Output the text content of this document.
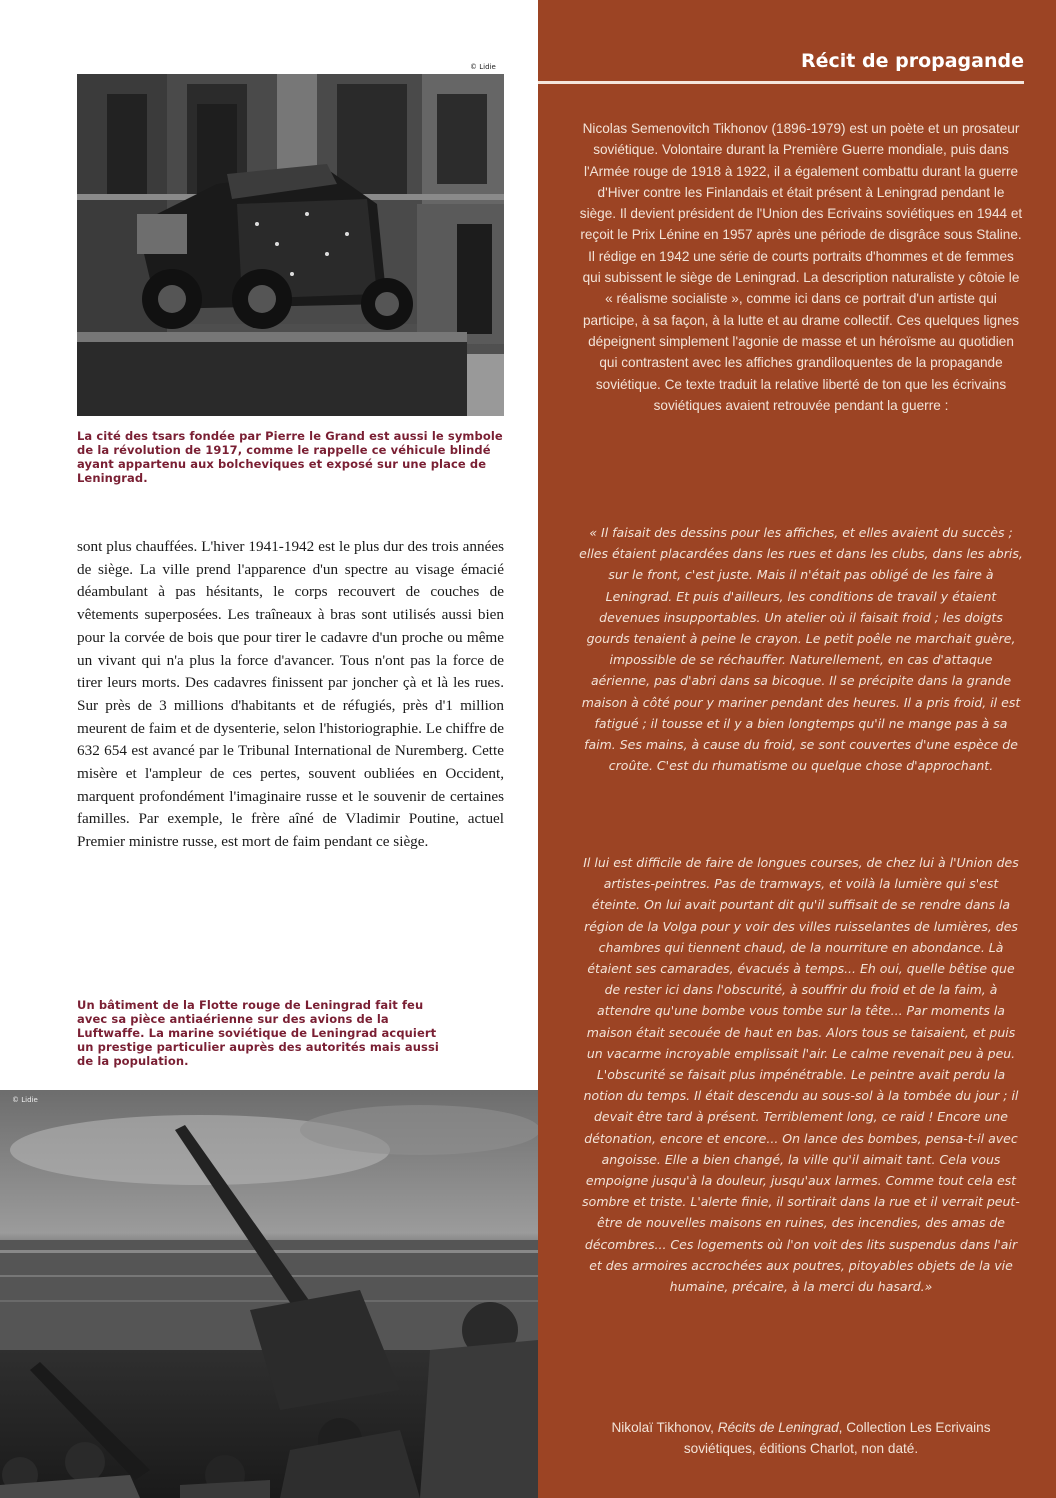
© Lidie
La cité des tsars fondée par Pierre le Grand est aussi le symbole de la révolution de 1917, comme le rappelle ce véhicule blindé ayant appartenu aux bolcheviques et exposé sur une place de Leningrad.
sont plus chauffées. L'hiver 1941-1942 est le plus dur des trois années de siège. La ville prend l'apparence d'un spectre au visage émacié déambulant à pas hésitants, le corps recouvert de couches de vêtements superposées. Les traîneaux à bras sont utilisés aussi bien pour la corvée de bois que pour tirer le cadavre d'un proche ou même un vivant qui n'a plus la force d'avancer. Tous n'ont pas la force de tirer leurs morts. Des cadavres finissent par joncher çà et là les rues. Sur près de 3 millions d'habitants et de réfugiés, près d'1 million meurent de faim et de dysenterie, selon l'historiographie. Le chiffre de 632 654 est avancé par le Tribunal International de Nuremberg. Cette misère et l'ampleur de ces pertes, souvent oubliées en Occident, marquent profondément l'imaginaire russe et le souvenir de certaines familles. Par exemple, le frère aîné de Vladimir Poutine, actuel Premier ministre russe, est mort de faim pendant ce siège.
Un bâtiment de la Flotte rouge de Leningrad fait feu avec sa pièce antiaérienne sur des avions de la Luftwaffe. La marine soviétique de Leningrad acquiert un prestige particulier auprès des autorités mais aussi de la population.
© Lidie
Récit de propagande
Nicolas Semenovitch Tikhonov (1896-1979) est un poète et un prosateur soviétique. Volontaire durant la Première Guerre mondiale, puis dans l'Armée rouge de 1918 à 1922, il a également combattu durant la guerre d'Hiver contre les Finlandais et était présent à Leningrad pendant le siège. Il devient président de l'Union des Ecrivains soviétiques en 1944 et reçoit le Prix Lénine en 1957 après une période de disgrâce sous Staline. Il rédige en 1942 une série de courts portraits d'hommes et de femmes qui subissent le siège de Leningrad. La description naturaliste y côtoie le « réalisme socialiste », comme ici dans ce portrait d'un artiste qui participe, à sa façon, à la lutte et au drame collectif. Ces quelques lignes dépeignent simplement l'agonie de masse et un héroïsme au quotidien qui contrastent avec les affiches grandiloquentes de la propagande soviétique. Ce texte traduit la relative liberté de ton que les écrivains soviétiques avaient retrouvée pendant la guerre :

« Il faisait des dessins pour les affiches, et elles avaient du succès ; elles étaient placardées dans les rues et dans les clubs, dans les abris, sur le front, c'est juste. Mais il n'était pas obligé de les faire à Leningrad. Et puis d'ailleurs, les conditions de travail y étaient devenues insupportables. Un atelier où il faisait froid ; les doigts gourds tenaient à peine le crayon. Le petit poêle ne marchait guère, impossible de se réchauffer. Naturellement, en cas d'attaque aérienne, pas d'abri dans sa bicoque. Il se précipite dans la grande maison à côté pour y mariner pendant des heures. Il a pris froid, il est fatigué ; il tousse et il y a bien longtemps qu'il ne mange pas à sa faim. Ses mains, à cause du froid, se sont couvertes d'une espèce de croûte. C'est du rhumatisme ou quelque chose d'approchant.

Il lui est difficile de faire de longues courses, de chez lui à l'Union des artistes-peintres. Pas de tramways, et voilà la lumière qui s'est éteinte. On lui avait pourtant dit qu'il suffisait de se rendre dans la région de la Volga pour y voir des villes ruisselantes de lumières, des chambres qui tiennent chaud, de la nourriture en abondance. Là étaient ses camarades, évacués à temps... Eh oui, quelle bêtise que de rester ici dans l'obscurité, à souffrir du froid et de la faim, à attendre qu'une bombe vous tombe sur la tête... Par moments la maison était secouée de haut en bas. Alors tous se taisaient, et puis un vacarme incroyable emplissait l'air. Le calme revenait peu à peu. L'obscurité se faisait plus impénétrable. Le peintre avait perdu la notion du temps. Il était descendu au sous-sol à la tombée du jour ; il devait être tard à présent. Terriblement long, ce raid ! Encore une détonation, encore et encore... On lance des bombes, pensa-t-il avec angoisse. Elle a bien changé, la ville qu'il aimait tant. Cela vous empoigne jusqu'à la douleur, jusqu'aux larmes. Comme tout cela est sombre et triste. L'alerte finie, il sortirait dans la rue et il verrait peut-être de nouvelles maisons en ruines, des incendies, des amas de décombres... Ces logements où l'on voit des lits suspendus dans l'air et des armoires accrochées aux poutres, pitoyables objets de la vie humaine, précaire, à la merci du hasard.»

Nikolaï Tikhonov, Récits de Leningrad, Collection Les Ecrivains soviétiques, éditions Charlot, non daté.
